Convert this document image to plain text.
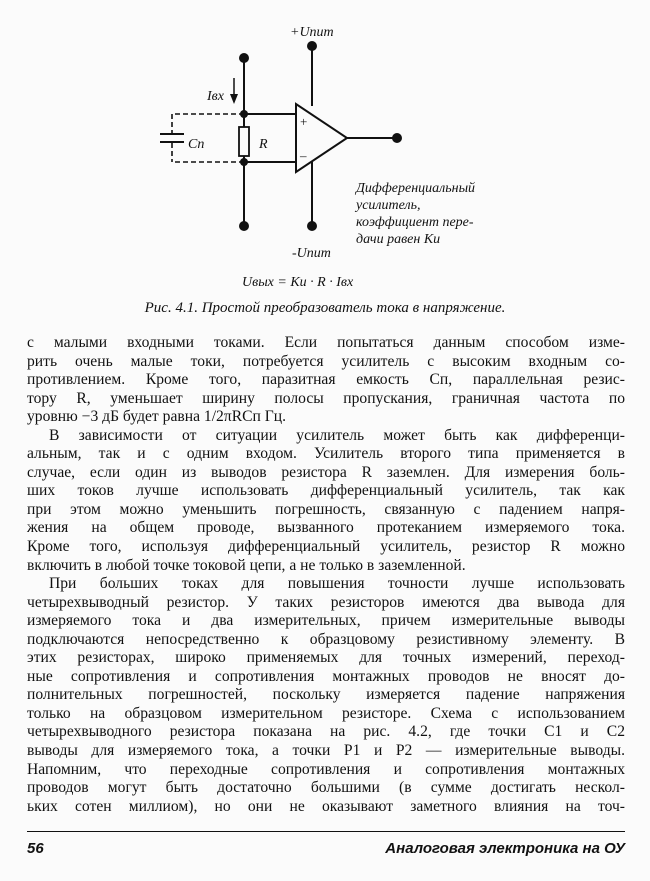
+Uпит
-Uпит
Iвх
Cп	R
+
–
Дифференциальный
усилитель,
коэффициент пере-
дачи равен Ku
Uвых = Ku · R · Iвх
Рис. 4.1. Простой преобразователь тока в напряжение.
с малыми входными токами. Если попытаться данным способом изме-
рить очень малые токи, потребуется усилитель с высоким входным со-
противлением. Кроме того, паразитная емкость Cп, параллельная резис-
тору R, уменьшает ширину полосы пропускания, граничная частота по
уровню −3 дБ будет равна 1/2πRCп Гц.
В зависимости от ситуации усилитель может быть как дифференци-
альным, так и с одним входом. Усилитель второго типа применяется в
случае, если один из выводов резистора R заземлен. Для измерения боль-
ших токов лучше использовать дифференциальный усилитель, так как
при этом можно уменьшить погрешность, связанную с падением напря-
жения на общем проводе, вызванного протеканием измеряемого тока.
Кроме того, используя дифференциальный усилитель, резистор R можно
включить в любой точке токовой цепи, а не только в заземленной.
При больших токах для повышения точности лучше использовать
четырехвыводный резистор. У таких резисторов имеются два вывода для
измеряемого тока и два измерительных, причем измерительные выводы
подключаются непосредственно к образцовому резистивному элементу. В
этих резисторах, широко применяемых для точных измерений, переход-
ные сопротивления и сопротивления монтажных проводов не вносят до-
полнительных погрешностей, поскольку измеряется падение напряжения
только на образцовом измерительном резисторе. Схема с использованием
четырехвыводного резистора показана на рис. 4.2, где точки C1 и C2
выводы для измеряемого тока, а точки P1 и P2 — измерительные выводы.
Напомним, что переходные сопротивления и сопротивления монтажных
проводов могут быть достаточно большими (в сумме достигать нескол-
ьких сотен миллиом), но они не оказывают заметного влияния на точ-
56	Аналоговая электроника на ОУ
